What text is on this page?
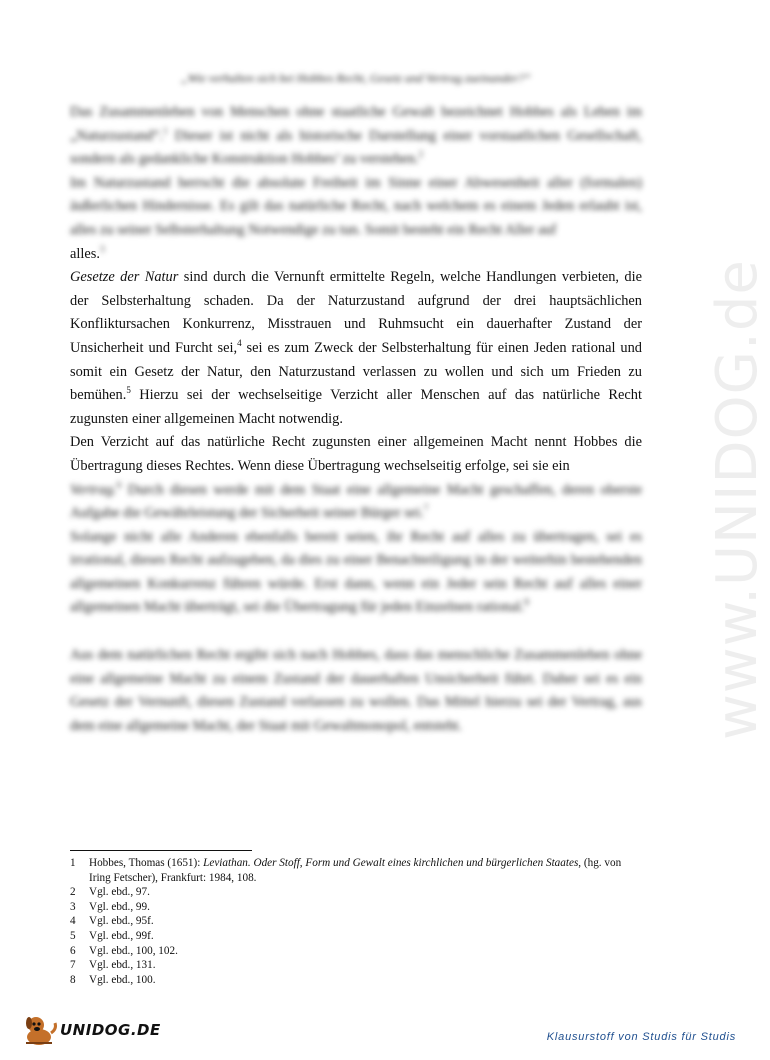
„Wie verhalten sich bei Hobbes Recht, Gesetz und Vertrag zueinander?“

Das Zusammenleben von Menschen ohne staatliche Gewalt bezeichnet Hobbes als Leben im „Naturzustand“.$^1$ Dieser ist nicht als historische Darstellung einer vorstaatlichen Gesellschaft, sondern als gedankliche Konstruktion Hobbes’ zu verstehen.$^2$

Im Naturzustand herrscht die absolute Freiheit im Sinne einer Abwesenheit aller (formalen) äußerlichen Hindernisse. Es gilt das natürliche Recht, nach welchem es einem Jeden erlaubt ist, alles zu seiner Selbsterhaltung Notwendige zu tun. Somit besteht ein Recht Aller auf

alles.$^3$

Gesetze der Natur sind durch die Vernunft ermittelte Regeln, welche Handlungen verbieten, die der Selbsterhaltung schaden. Da der Naturzustand aufgrund der drei hauptsächlichen Konfliktursachen Konkurrenz, Misstrauen und Ruhmsucht ein dauerhafter Zustand der Unsicherheit und Furcht sei,$^4$ sei es zum Zweck der Selbsterhaltung für einen Jeden rational und somit ein Gesetz der Natur, den Naturzustand verlassen zu wollen und sich um Frieden zu bemühen.$^5$ Hierzu sei der wechselseitige Verzicht aller Menschen auf das natürliche Recht zugunsten einer allgemeinen Macht notwendig.

Den Verzicht auf das natürliche Recht zugunsten einer allgemeinen Macht nennt Hobbes die Übertragung dieses Rechtes. Wenn diese Übertragung wechselseitig erfolge, sei sie ein

Vertrag.$^6$ Durch diesen werde mit dem Staat eine allgemeine Macht geschaffen, deren oberste Aufgabe die Gewährleistung der Sicherheit seiner Bürger sei.$^7$

Solange nicht alle Anderen ebenfalls bereit seien, ihr Recht auf alles zu übertragen, sei es irrational, dieses Recht aufzugeben, da dies zu einer Benachteiligung in der weiterhin bestehenden allgemeinen Konkurrenz führen würde. Erst dann, wenn ein Jeder sein Recht auf alles einer allgemeinen Macht überträgt, sei die Übertragung für jeden Einzelnen rational.$^8$

Aus dem natürlichen Recht ergibt sich nach Hobbes, dass das menschliche Zusammenleben ohne eine allgemeine Macht zu einem Zustand der dauerhaften Unsicherheit führt. Daher sei es ein Gesetz der Vernunft, diesen Zustand verlassen zu wollen. Das Mittel hierzu sei der Vertrag, aus dem eine allgemeine Macht, der Staat mit Gewaltmonopol, entsteht.

1	Hobbes, Thomas (1651): Leviathan. Oder Stoff, Form und Gewalt eines kirchlichen und bürgerlichen Staates, (hg. von Iring Fetscher), Frankfurt: 1984, 108.
2	Vgl. ebd., 97.
3	Vgl. ebd., 99.
4	Vgl. ebd., 95f.
5	Vgl. ebd., 99f.
6	Vgl. ebd., 100, 102.
7	Vgl. ebd., 131.
8	Vgl. ebd., 100.
www.UNIDOG.de
UNIDOG.DE	Klausurstoff von Studis für Studis
